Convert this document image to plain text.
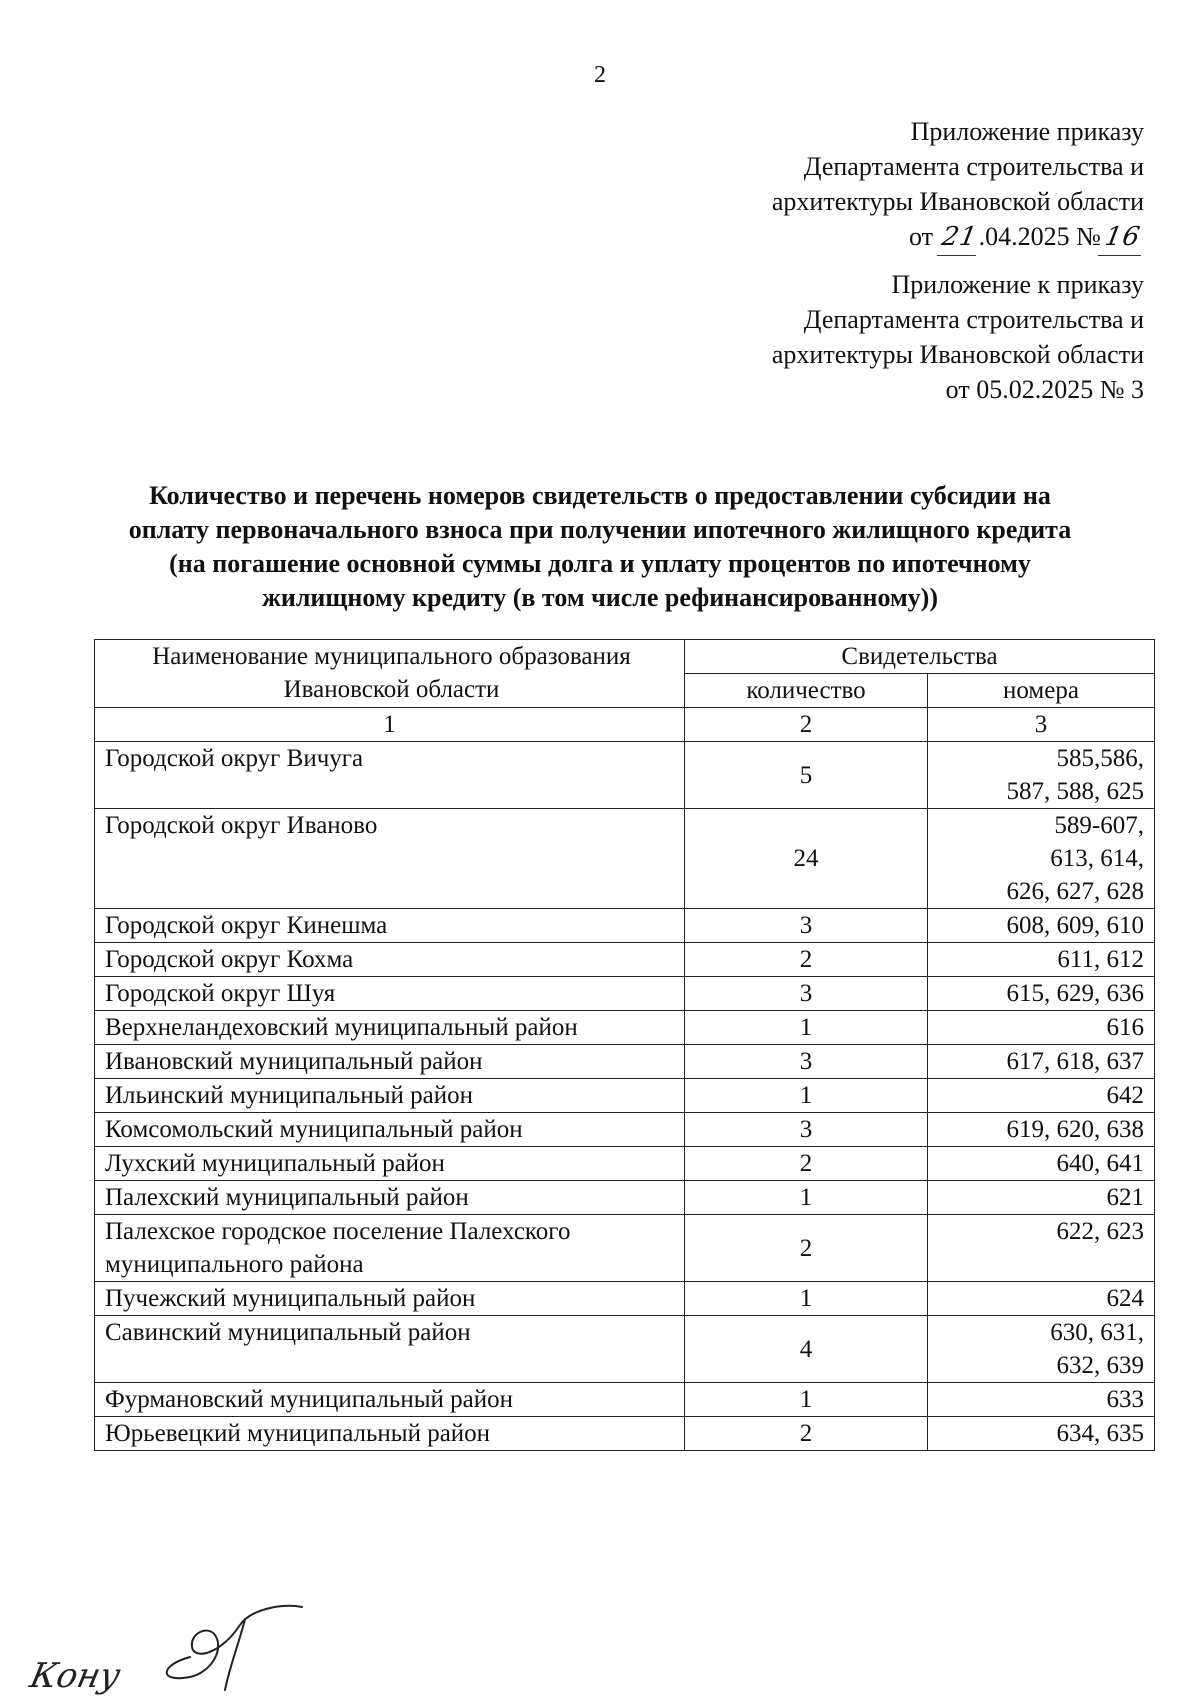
2
Приложение приказу
Департамента строительства и
архитектуры Ивановской области
от 21.04.2025 №16
Приложение к приказу
Департамента строительства и
архитектуры Ивановской области
от 05.02.2025 № 3
Количество и перечень номеров свидетельств о предоставлении субсидии на
оплату первоначального взноса при получении ипотечного жилищного кредита
(на погашение основной суммы долга и уплату процентов по ипотечному
жилищному кредиту (в том числе рефинансированному))
Наименование муниципального образования
Ивановской области	Свидетельства	
	количество	номера
1	2	3

Городской округ Вичуга	5	585,586,
587, 588, 625

Городской округ Иваново	24	589-607,
613, 614,
626, 627, 628

Городской округ Кинешма	3	608, 609, 610

Городской округ Кохма	2	611, 612

Городской округ Шуя	3	615, 629, 636

Верхнеландеховский муниципальный район	1	616

Ивановский муниципальный район	3	617, 618, 637

Ильинский муниципальный район	1	642

Комсомольский муниципальный район	3	619, 620, 638

Лухский муниципальный район	2	640, 641

Палехский муниципальный район	1	621

Палехское городское поселение Палехского
муниципального района	2	622, 623

Пучежский муниципальный район	1	624

Савинский муниципальный район	4	630, 631,
632, 639

Фурмановский муниципальный район	1	633

Юрьевецкий муниципальный район	2	634, 635
Кону
